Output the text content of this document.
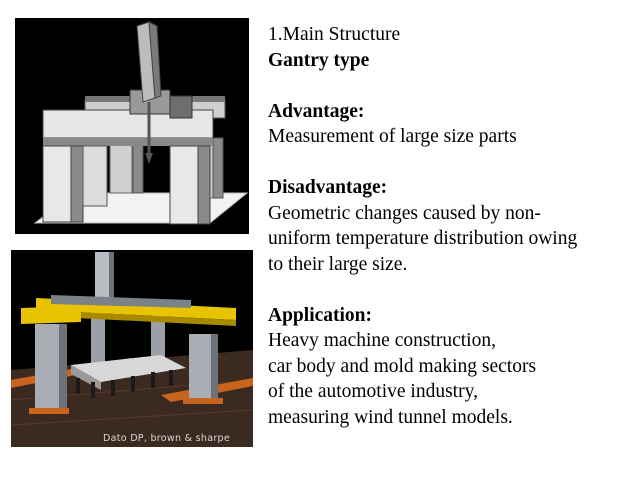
Dato DP, brown & sharpe
1.Main Structure
Gantry type
Advantage:
Measurement of large size parts
Disadvantage:
Geometric changes caused by non-
uniform temperature distribution owing
to their large size.
Application:
Heavy machine construction,
car body and mold making sectors
of the automotive industry,
measuring wind tunnel models.
